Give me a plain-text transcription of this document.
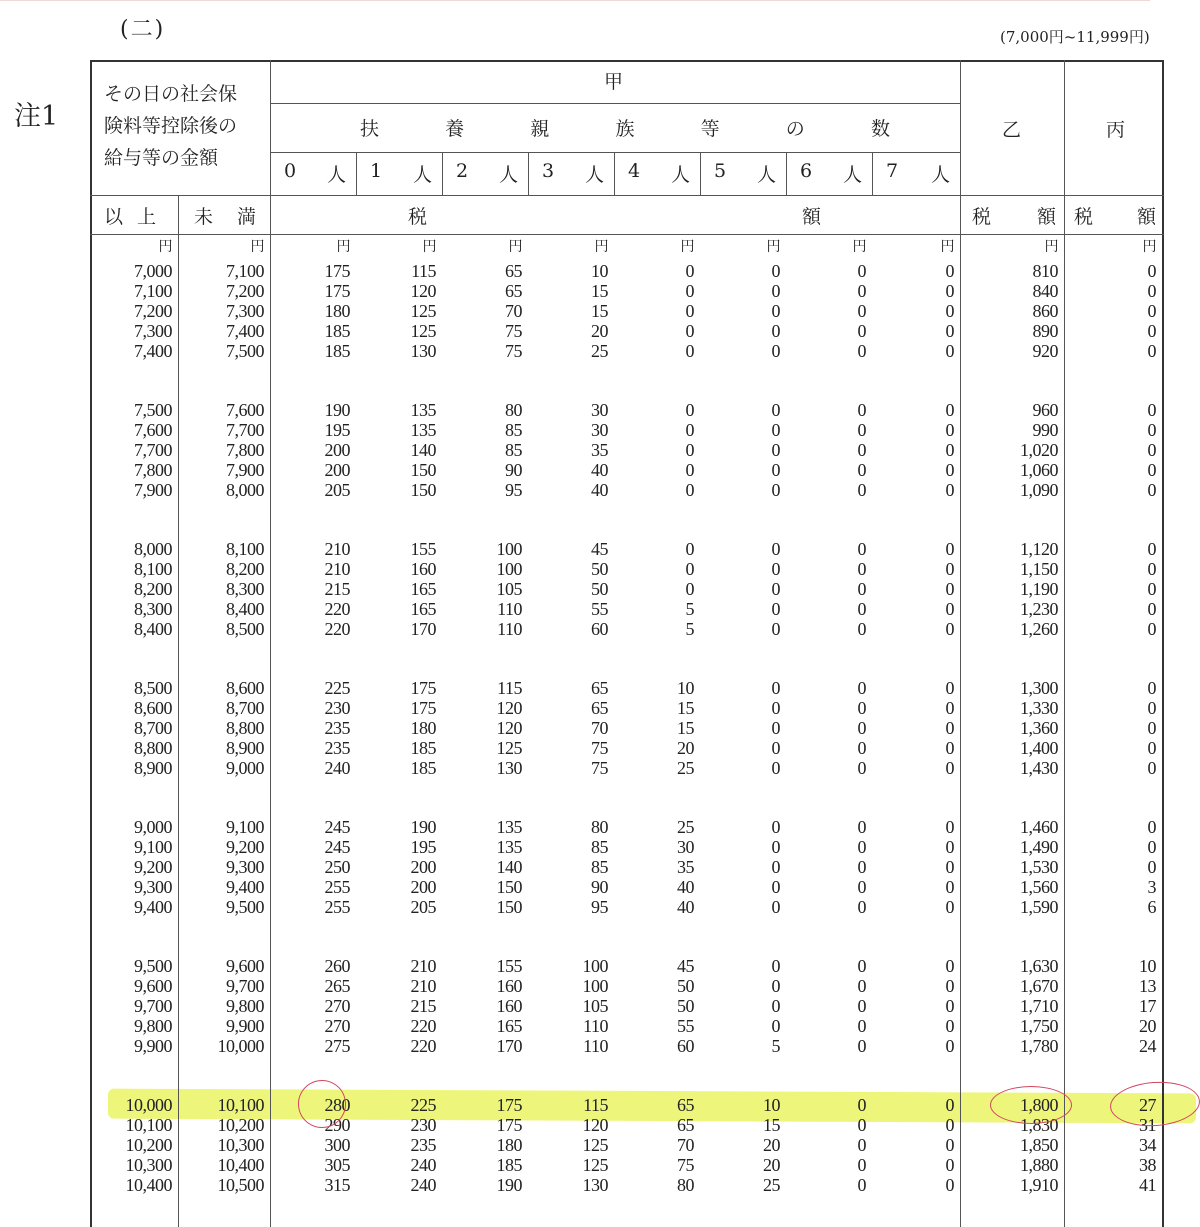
(二)	(7,000円~11,999円)
注1
その日の社会保
険料等控除後の
給与等の金額
甲
扶	養	親	族	等	の	数
0 人 1 人 2 人 3 人 4 人 5 人 6 人 7 人
乙	丙
以 上 未 満	税	額	税 額 税 額
円	円	円	円	円	円	円	円	円	円	円	円
7,000	7,100	175	115	65	10	0	0	0	0	810	0
7,100	7,200	175	120	65	15	0	0	0	0	840	0
7,200	7,300	180	125	70	15	0	0	0	0	860	0
7,300	7,400	185	125	75	20	0	0	0	0	890	0
7,400	7,500	185	130	75	25	0	0	0	0	920	0
7,500	7,600	190	135	80	30	0	0	0	0	960	0
7,600	7,700	195	135	85	30	0	0	0	0	990	0
7,700	7,800	200	140	85	35	0	0	0	0	1,020	0
7,800	7,900	200	150	90	40	0	0	0	0	1,060	0
7,900	8,000	205	150	95	40	0	0	0	0	1,090	0
8,000	8,100	210	155	100	45	0	0	0	0	1,120	0
8,100	8,200	210	160	100	50	0	0	0	0	1,150	0
8,200	8,300	215	165	105	50	0	0	0	0	1,190	0
8,300	8,400	220	165	110	55	5	0	0	0	1,230	0
8,400	8,500	220	170	110	60	5	0	0	0	1,260	0
8,500	8,600	225	175	115	65	10	0	0	0	1,300	0
8,600	8,700	230	175	120	65	15	0	0	0	1,330	0
8,700	8,800	235	180	120	70	15	0	0	0	1,360	0
8,800	8,900	235	185	125	75	20	0	0	0	1,400	0
8,900	9,000	240	185	130	75	25	0	0	0	1,430	0
9,000	9,100	245	190	135	80	25	0	0	0	1,460	0
9,100	9,200	245	195	135	85	30	0	0	0	1,490	0
9,200	9,300	250	200	140	85	35	0	0	0	1,530	0
9,300	9,400	255	200	150	90	40	0	0	0	1,560	3
9,400	9,500	255	205	150	95	40	0	0	0	1,590	6
9,500	9,600	260	210	155	100	45	0	0	0	1,630	10
9,600	9,700	265	210	160	100	50	0	0	0	1,670	13
9,700	9,800	270	215	160	105	50	0	0	0	1,710	17
9,800	9,900	270	220	165	110	55	0	0	0	1,750	20
9,900	10,000	275	220	170	110	60	5	0	0	1,780	24
10,000	10,100	280	225	175	115	65	10	0	0	1,800	27
10,100	10,200	290	230	175	120	65	15	0	0	1,830	31
10,200	10,300	300	235	180	125	70	20	0	0	1,850	34
10,300	10,400	305	240	185	125	75	20	0	0	1,880	38
10,400	10,500	315	240	190	130	80	25	0	0	1,910	41
